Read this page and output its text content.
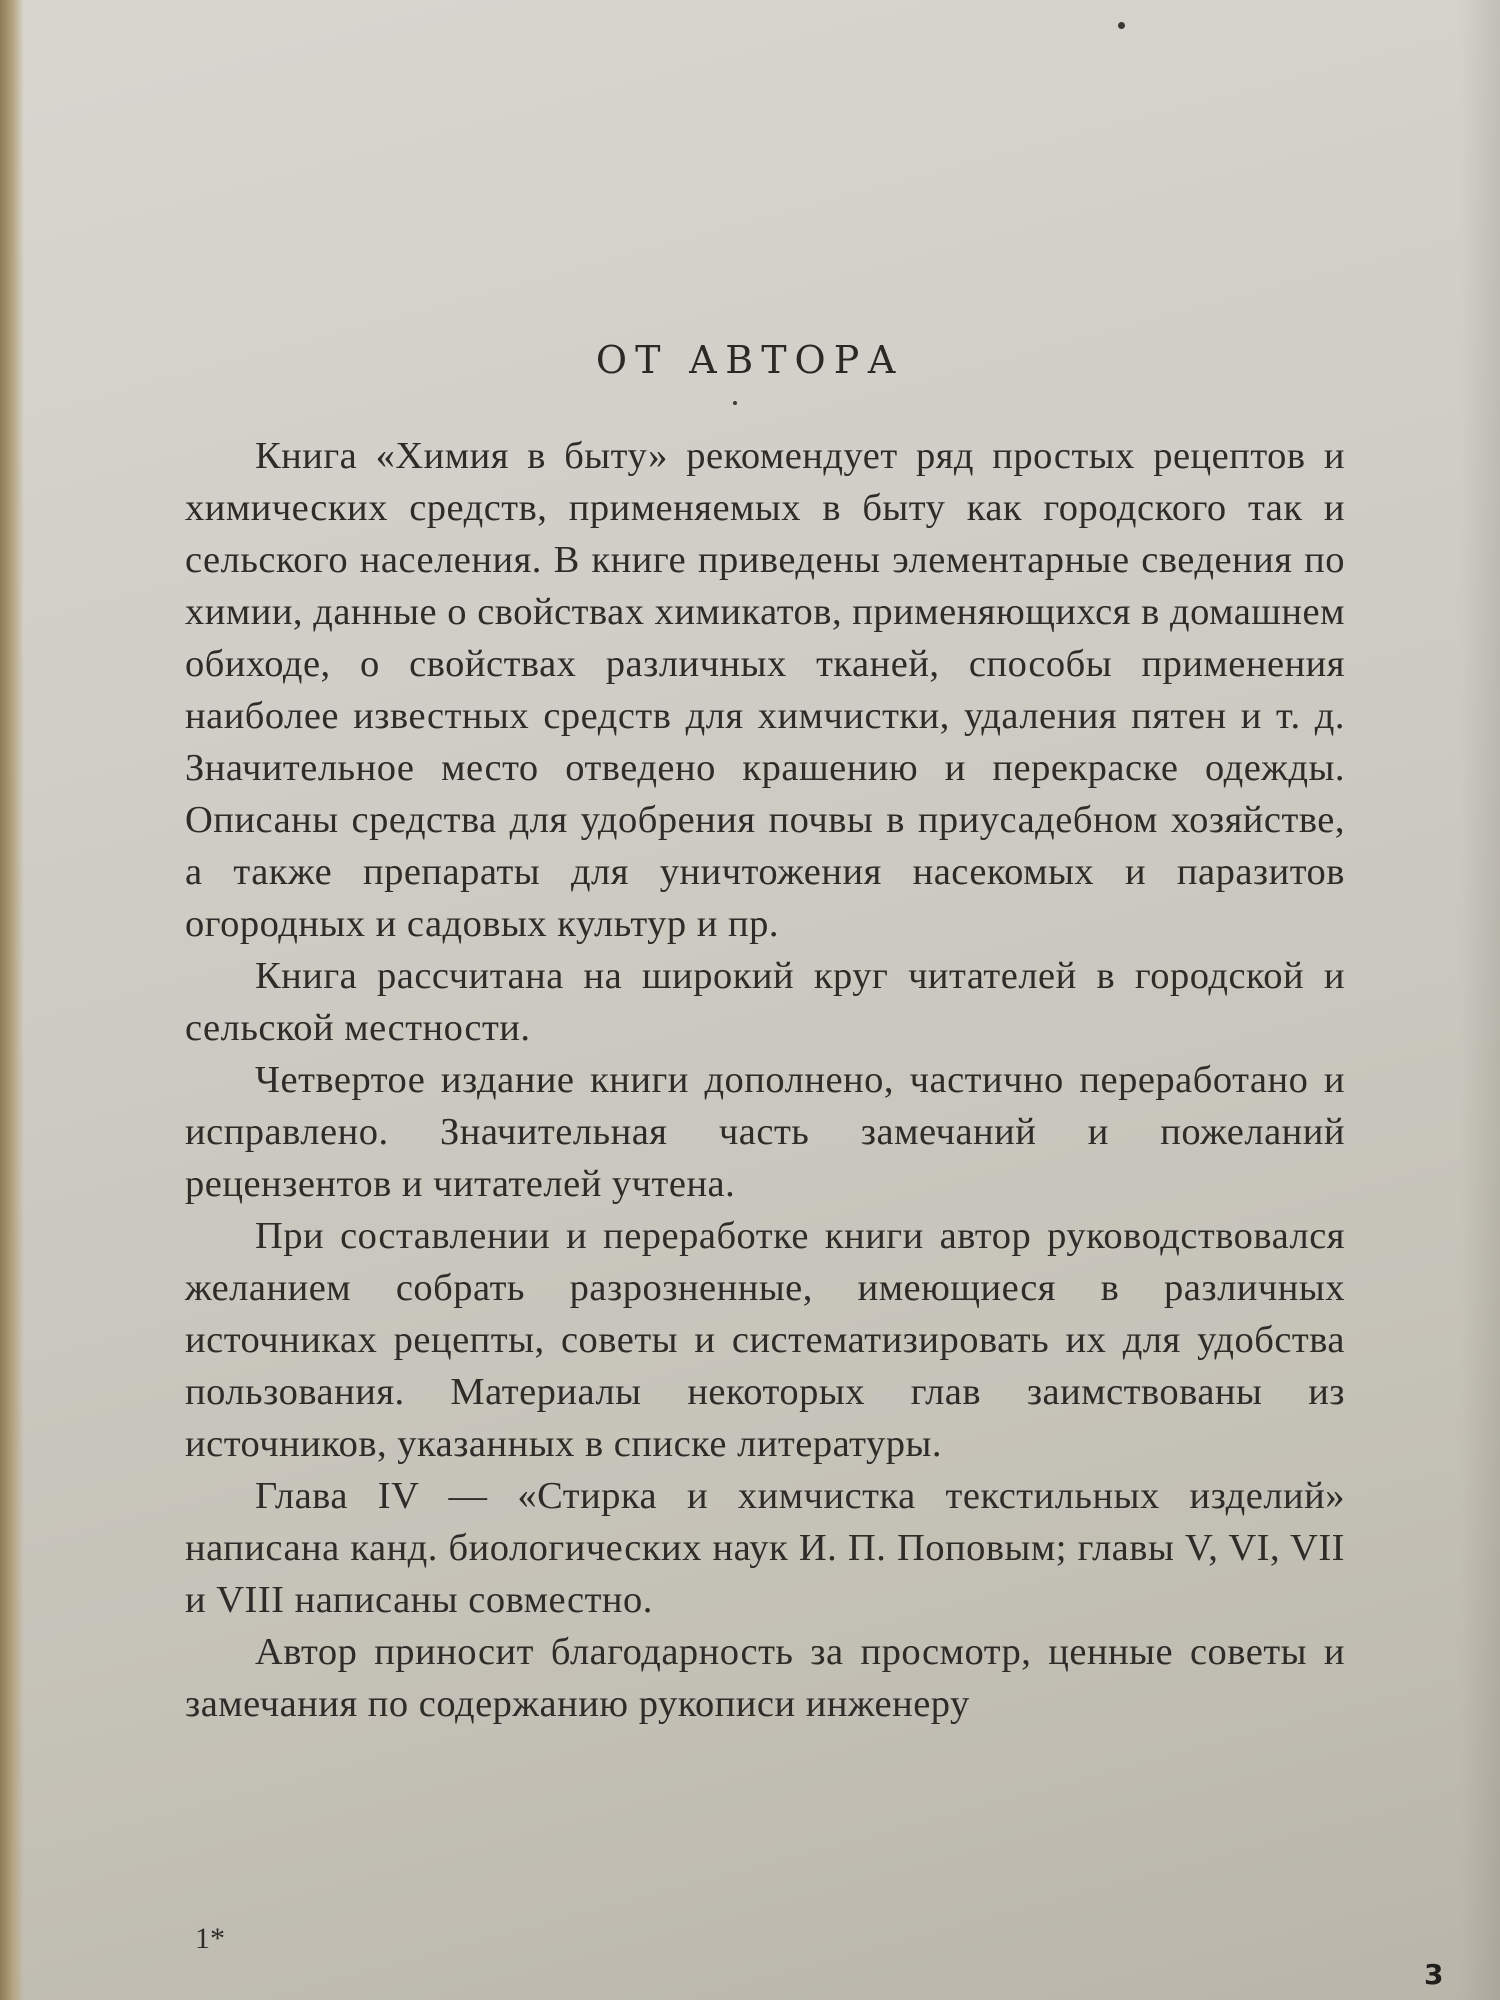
ОТ АВТОРА

Книга «Химия в быту» рекомендует ряд простых рецептов и химических средств, применяемых в быту как городского так и сельского населения. В книге приведены элементарные сведения по химии, данные о свойствах химикатов, применяющихся в домашнем обиходе, о свойствах различных тканей, способы применения наиболее известных средств для химчистки, удаления пятен и т. д. Значительное место отведено крашению и перекраске одежды. Описаны средства для удобрения почвы в приусадебном хозяйстве, а также препараты для уничтожения насекомых и паразитов огородных и садовых культур и пр.

Книга рассчитана на широкий круг читателей в городской и сельской местности.

Четвертое издание книги дополнено, частично переработано и исправлено. Значительная часть замечаний и пожеланий рецензентов и читателей учтена.

При составлении и переработке книги автор руководствовался желанием собрать разрозненные, имеющиеся в различных источниках рецепты, советы и систематизировать их для удобства пользования. Материалы некоторых глав заимствованы из источников, указанных в списке литературы.

Глава IV — «Стирка и химчистка текстильных изделий» написана канд. биологических наук И. П. Поповым; главы V, VI, VII и VIII написаны совместно.

Автор приносит благодарность за просмотр, ценные советы и замечания по содержанию рукописи инженеру

1*
3
